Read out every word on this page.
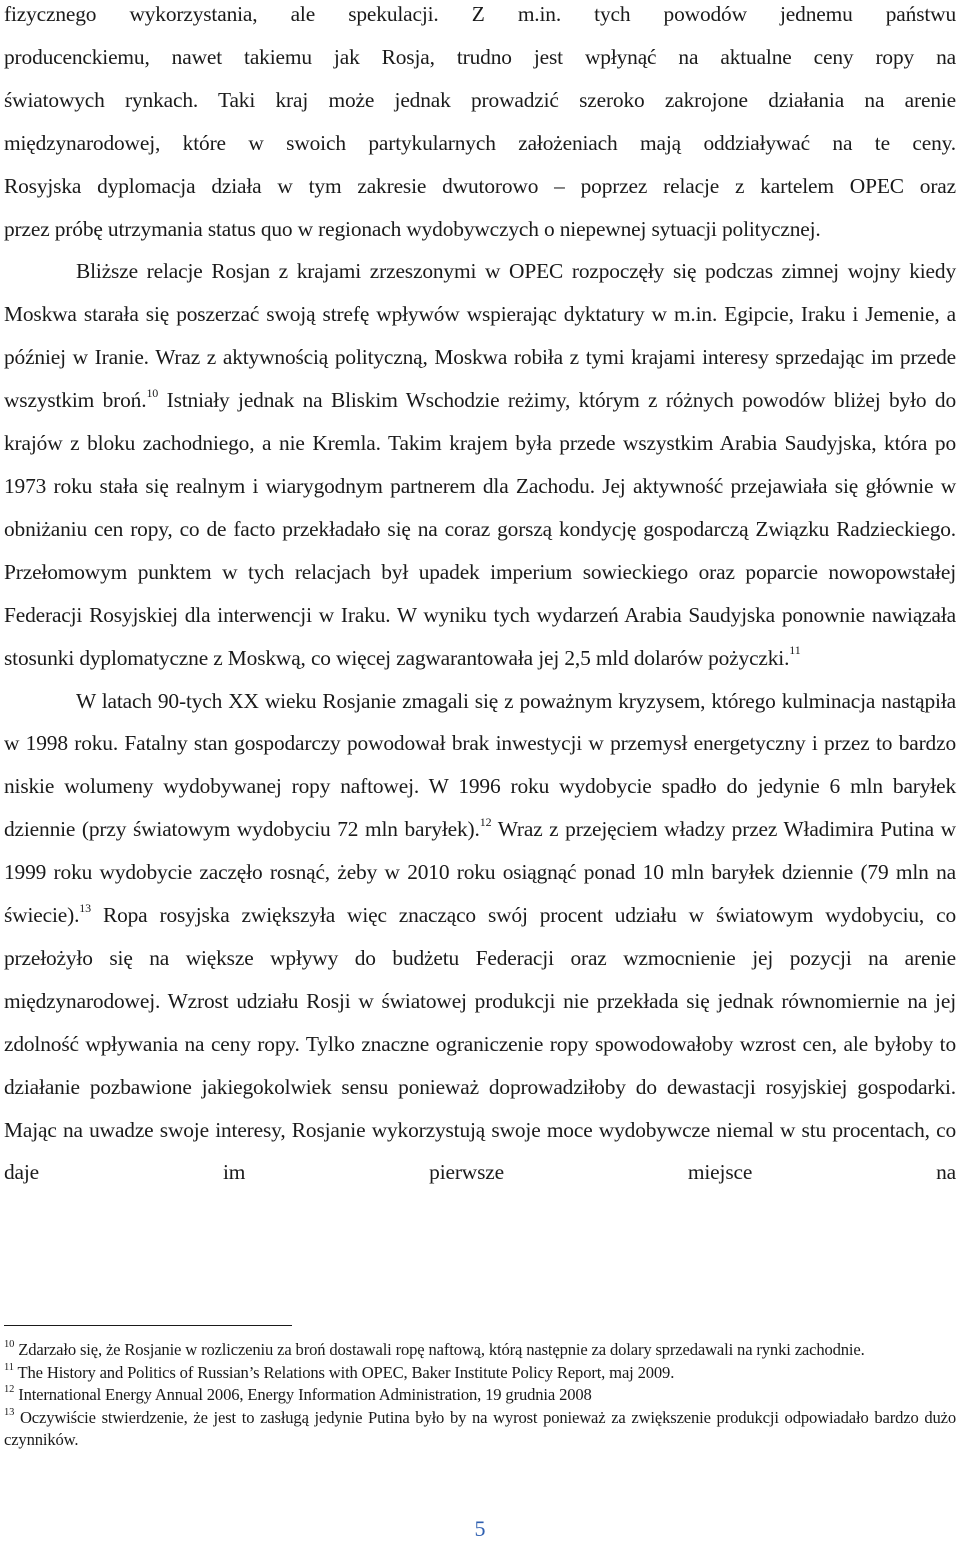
fizycznego wykorzystania, ale spekulacji. Z m.in. tych powodów jednemu państwu

producenckiemu, nawet takiemu jak Rosja, trudno jest wpłynąć na aktualne ceny ropy na

światowych rynkach. Taki kraj może jednak prowadzić szeroko zakrojone działania na arenie

międzynarodowej, które w swoich partykularnych założeniach mają oddziaływać na te ceny.

Rosyjska dyplomacja działa w tym zakresie dwutorowo – poprzez relacje z kartelem OPEC oraz

przez próbę utrzymania status quo w regionach wydobywczych o niepewnej sytuacji politycznej.

Bliższe relacje Rosjan z krajami zrzeszonymi w OPEC rozpoczęły się podczas zimnej wojny kiedy Moskwa starała się poszerzać swoją strefę wpływów wspierając dyktatury w m.in. Egipcie, Iraku i Jemenie, a później w Iranie. Wraz z aktywnością polityczną, Moskwa robiła z tymi krajami interesy sprzedając im przede wszystkim broń.$^{10}$ Istniały jednak na Bliskim Wschodzie reżimy, którym z różnych powodów bliżej było do krajów z bloku zachodniego, a nie Kremla. Takim krajem była przede wszystkim Arabia Saudyjska, która po 1973 roku stała się realnym i wiarygodnym partnerem dla Zachodu. Jej aktywność przejawiała się głównie w obniżaniu cen ropy, co de facto przekładało się na coraz gorszą kondycję gospodarczą Związku Radzieckiego. Przełomowym punktem w tych relacjach był upadek imperium sowieckiego oraz poparcie nowopowstałej Federacji Rosyjskiej dla interwencji w Iraku. W wyniku tych wydarzeń Arabia Saudyjska ponownie nawiązała stosunki dyplomatyczne z Moskwą, co więcej zagwarantowała jej 2,5 mld dolarów pożyczki.$^{11}$

W latach 90-tych XX wieku Rosjanie zmagali się z poważnym kryzysem, którego kulminacja nastąpiła w 1998 roku. Fatalny stan gospodarczy powodował brak inwestycji w przemysł energetyczny i przez to bardzo niskie wolumeny wydobywanej ropy naftowej. W 1996 roku wydobycie spadło do jedynie 6 mln baryłek dziennie (przy światowym wydobyciu 72 mln baryłek).$^{12}$ Wraz z przejęciem władzy przez Władimira Putina w 1999 roku wydobycie zaczęło rosnąć, żeby w 2010 roku osiągnąć ponad 10 mln baryłek dziennie (79 mln na świecie).$^{13}$ Ropa rosyjska zwiększyła więc znacząco swój procent udziału w światowym wydobyciu, co przełożyło się na większe wpływy do budżetu Federacji oraz wzmocnienie jej pozycji na arenie międzynarodowej. Wzrost udziału Rosji w światowej produkcji nie przekłada się jednak równomiernie na jej zdolność wpływania na ceny ropy. Tylko znaczne ograniczenie ropy spowodowałoby wzrost cen, ale byłoby to działanie pozbawione jakiegokolwiek sensu ponieważ doprowadziłoby do dewastacji rosyjskiej gospodarki. Mając na uwadze swoje interesy, Rosjanie wykorzystują swoje moce wydobywcze niemal w stu procentach, co daje im pierwsze miejsce na

$^{10}$ Zdarzało się, że Rosjanie w rozliczeniu za broń dostawali ropę naftową, którą następnie za dolary sprzedawali na rynki zachodnie.

$^{11}$ The History and Politics of Russian’s Relations with OPEC, Baker Institute Policy Report, maj 2009.

$^{12}$ International Energy Annual 2006, Energy Information Administration, 19 grudnia 2008

$^{13}$ Oczywiście stwierdzenie, że jest to zasługą jedynie Putina było by na wyrost ponieważ za zwiększenie produkcji odpowiadało bardzo dużo czynników.

5
